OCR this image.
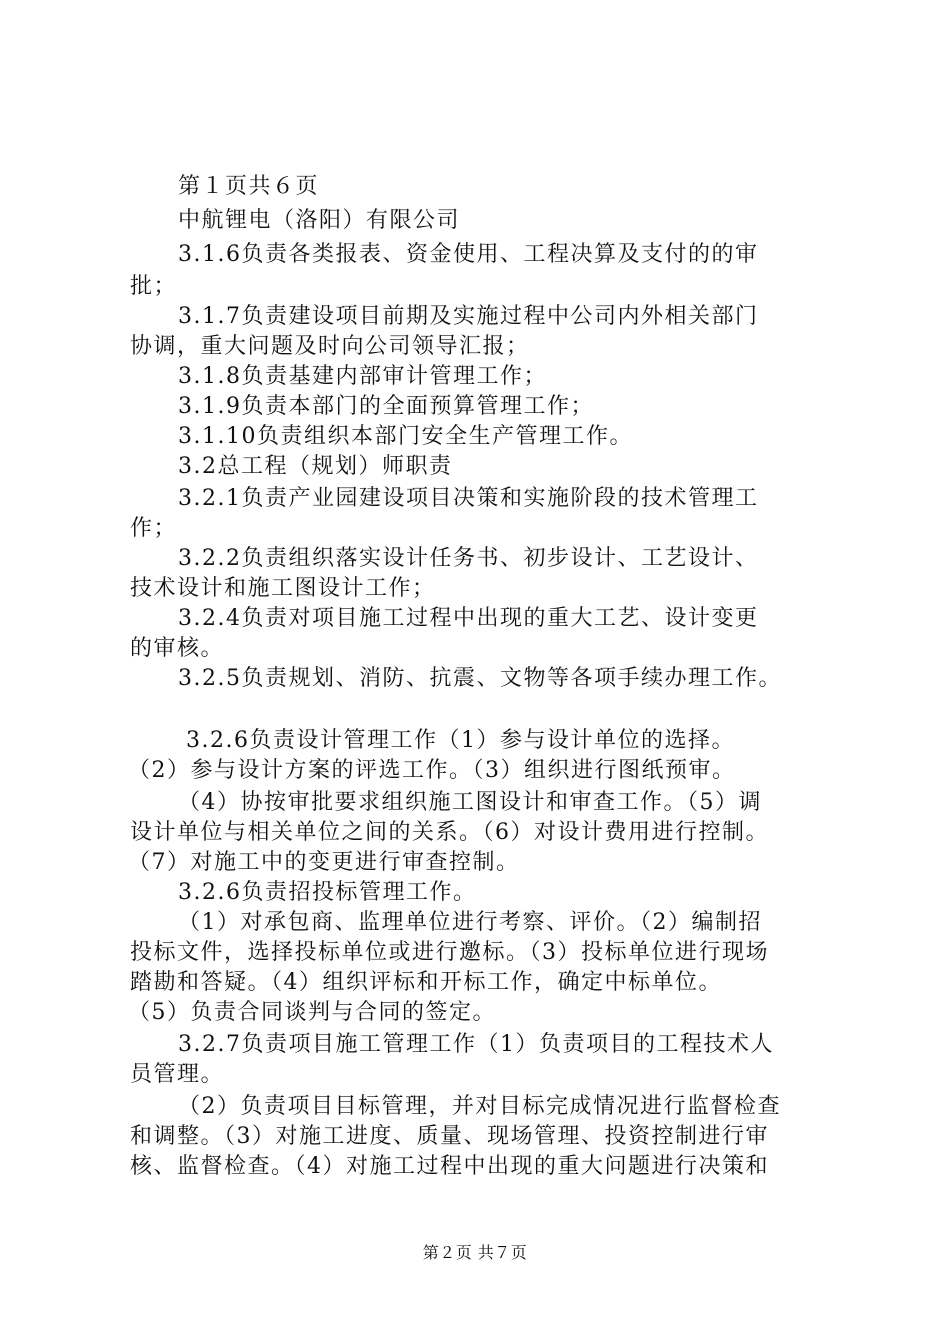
第１页共６页
中航锂电（洛阳）有限公司
3.1.6负责各类报表、资金使用、工程决算及支付的的审
批；
3.1.7负责建设项目前期及实施过程中公司内外相关部门
协调，重大问题及时向公司领导汇报；
3.1.8负责基建内部审计管理工作；
3.1.9负责本部门的全面预算管理工作；
3.1.10负责组织本部门安全生产管理工作。
3.2总工程（规划）师职责
3.2.1负责产业园建设项目决策和实施阶段的技术管理工
作；
3.2.2负责组织落实设计任务书、初步设计、工艺设计、
技术设计和施工图设计工作；
3.2.4负责对项目施工过程中出现的重大工艺、设计变更
的审核。
3.2.5负责规划、消防、抗震、文物等各项手续办理工作。
3.2.6负责设计管理工作（1）参与设计单位的选择。
（2）参与设计方案的评选工作。（3）组织进行图纸预审。
（4）协按审批要求组织施工图设计和审查工作。（5）调
设计单位与相关单位之间的关系。（6）对设计费用进行控制。
（7）对施工中的变更进行审查控制。
3.2.6负责招投标管理工作。
（1）对承包商、监理单位进行考察、评价。（2）编制招
投标文件，选择投标单位或进行邀标。（3）投标单位进行现场
踏勘和答疑。（4）组织评标和开标工作，确定中标单位。
（5）负责合同谈判与合同的签定。
3.2.7负责项目施工管理工作（1）负责项目的工程技术人
员管理。
（2）负责项目目标管理，并对目标完成情况进行监督检查
和调整。（3）对施工进度、质量、现场管理、投资控制进行审
核、监督检查。（4）对施工过程中出现的重大问题进行决策和
第２页 共７页
